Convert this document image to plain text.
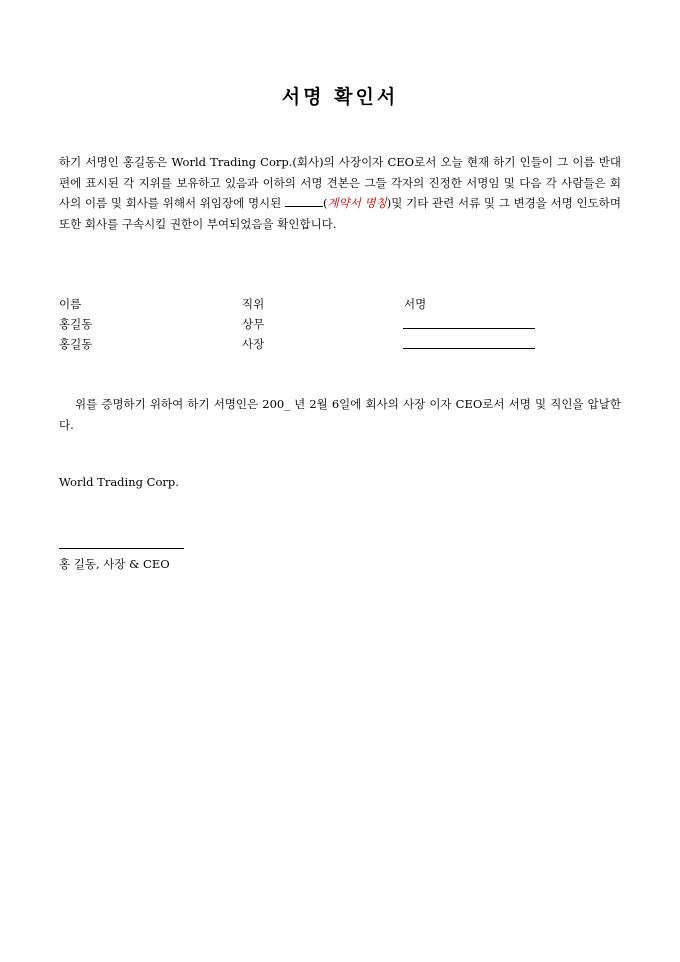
서명 확인서
하기 서명인 홍길동은 World Trading Corp.(회사)의 사장이자 CEO로서 오늘 현재 하기 인들이 그 이름 반대편에 표시된 각 지위를 보유하고 있음과 이하의 서명 견본은 그들 각자의 진정한 서명임 및 다음 각 사람들은 회사의 이름 및 회사를 위해서 위임장에 명시된	(계약서 명칭)및 기타 관련 서류 및 그 변경을 서명 인도하며 또한 회사를 구속시킬 권한이 부여되었음을 확인합니다.
이름	직위	서명
홍길동	상무
홍길동	사장
위를 증명하기 위하여 하기 서명인은 200_ 년 2월 6일에 회사의 사장 이자 CEO로서 서명 및 직인을 압날한다.
World Trading Corp.
홍 길동, 사장 & CEO
